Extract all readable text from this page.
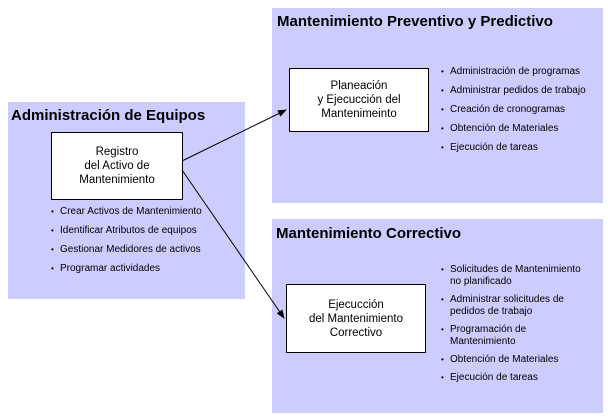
Mantenimiento Preventivo y Predictivo
Planeación
y Ejecucción del
Mantenimeinto
• Administración de programas
• Administrar pedidos de trabajo
• Creación de cronogramas
• Obtención de Materiales
• Ejecución de tareas
Administración de Equipos
Registro
del Activo de
Mantenimiento
• Crear Activos de Mantenimiento
• Identificar Atributos de equipos
• Gestionar Medidores de activos
• Programar actividades
Mantenimiento Correctivo
Ejecucción
del Mantenimiento
Correctivo
• Solicitudes de Mantenimiento
no planificado
• Administrar solicitudes de
pedidos de trabajo
• Programación de
Mantenimiento
• Obtención de Materiales
• Ejecución de tareas
